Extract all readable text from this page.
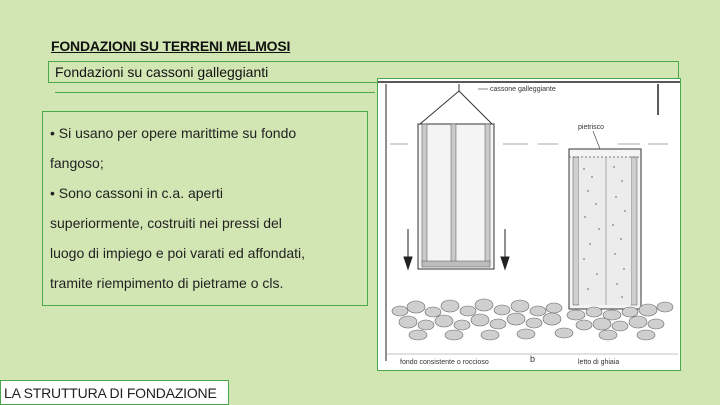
FONDAZIONI SU TERRENI MELMOSI
Fondazioni su cassoni galleggianti

• Si usano per opere marittime su fondo

fangoso;

• Sono cassoni in c.a. aperti

superiormente, costruiti nei pressi del

luogo di impiego e poi varati ed affondati,

tramite riempimento di pietrame o cls.

cassone galleggiante
pietrisco
fondo consistente o roccioso	b	letto di ghiaia
LA STRUTTURA DI FONDAZIONE
